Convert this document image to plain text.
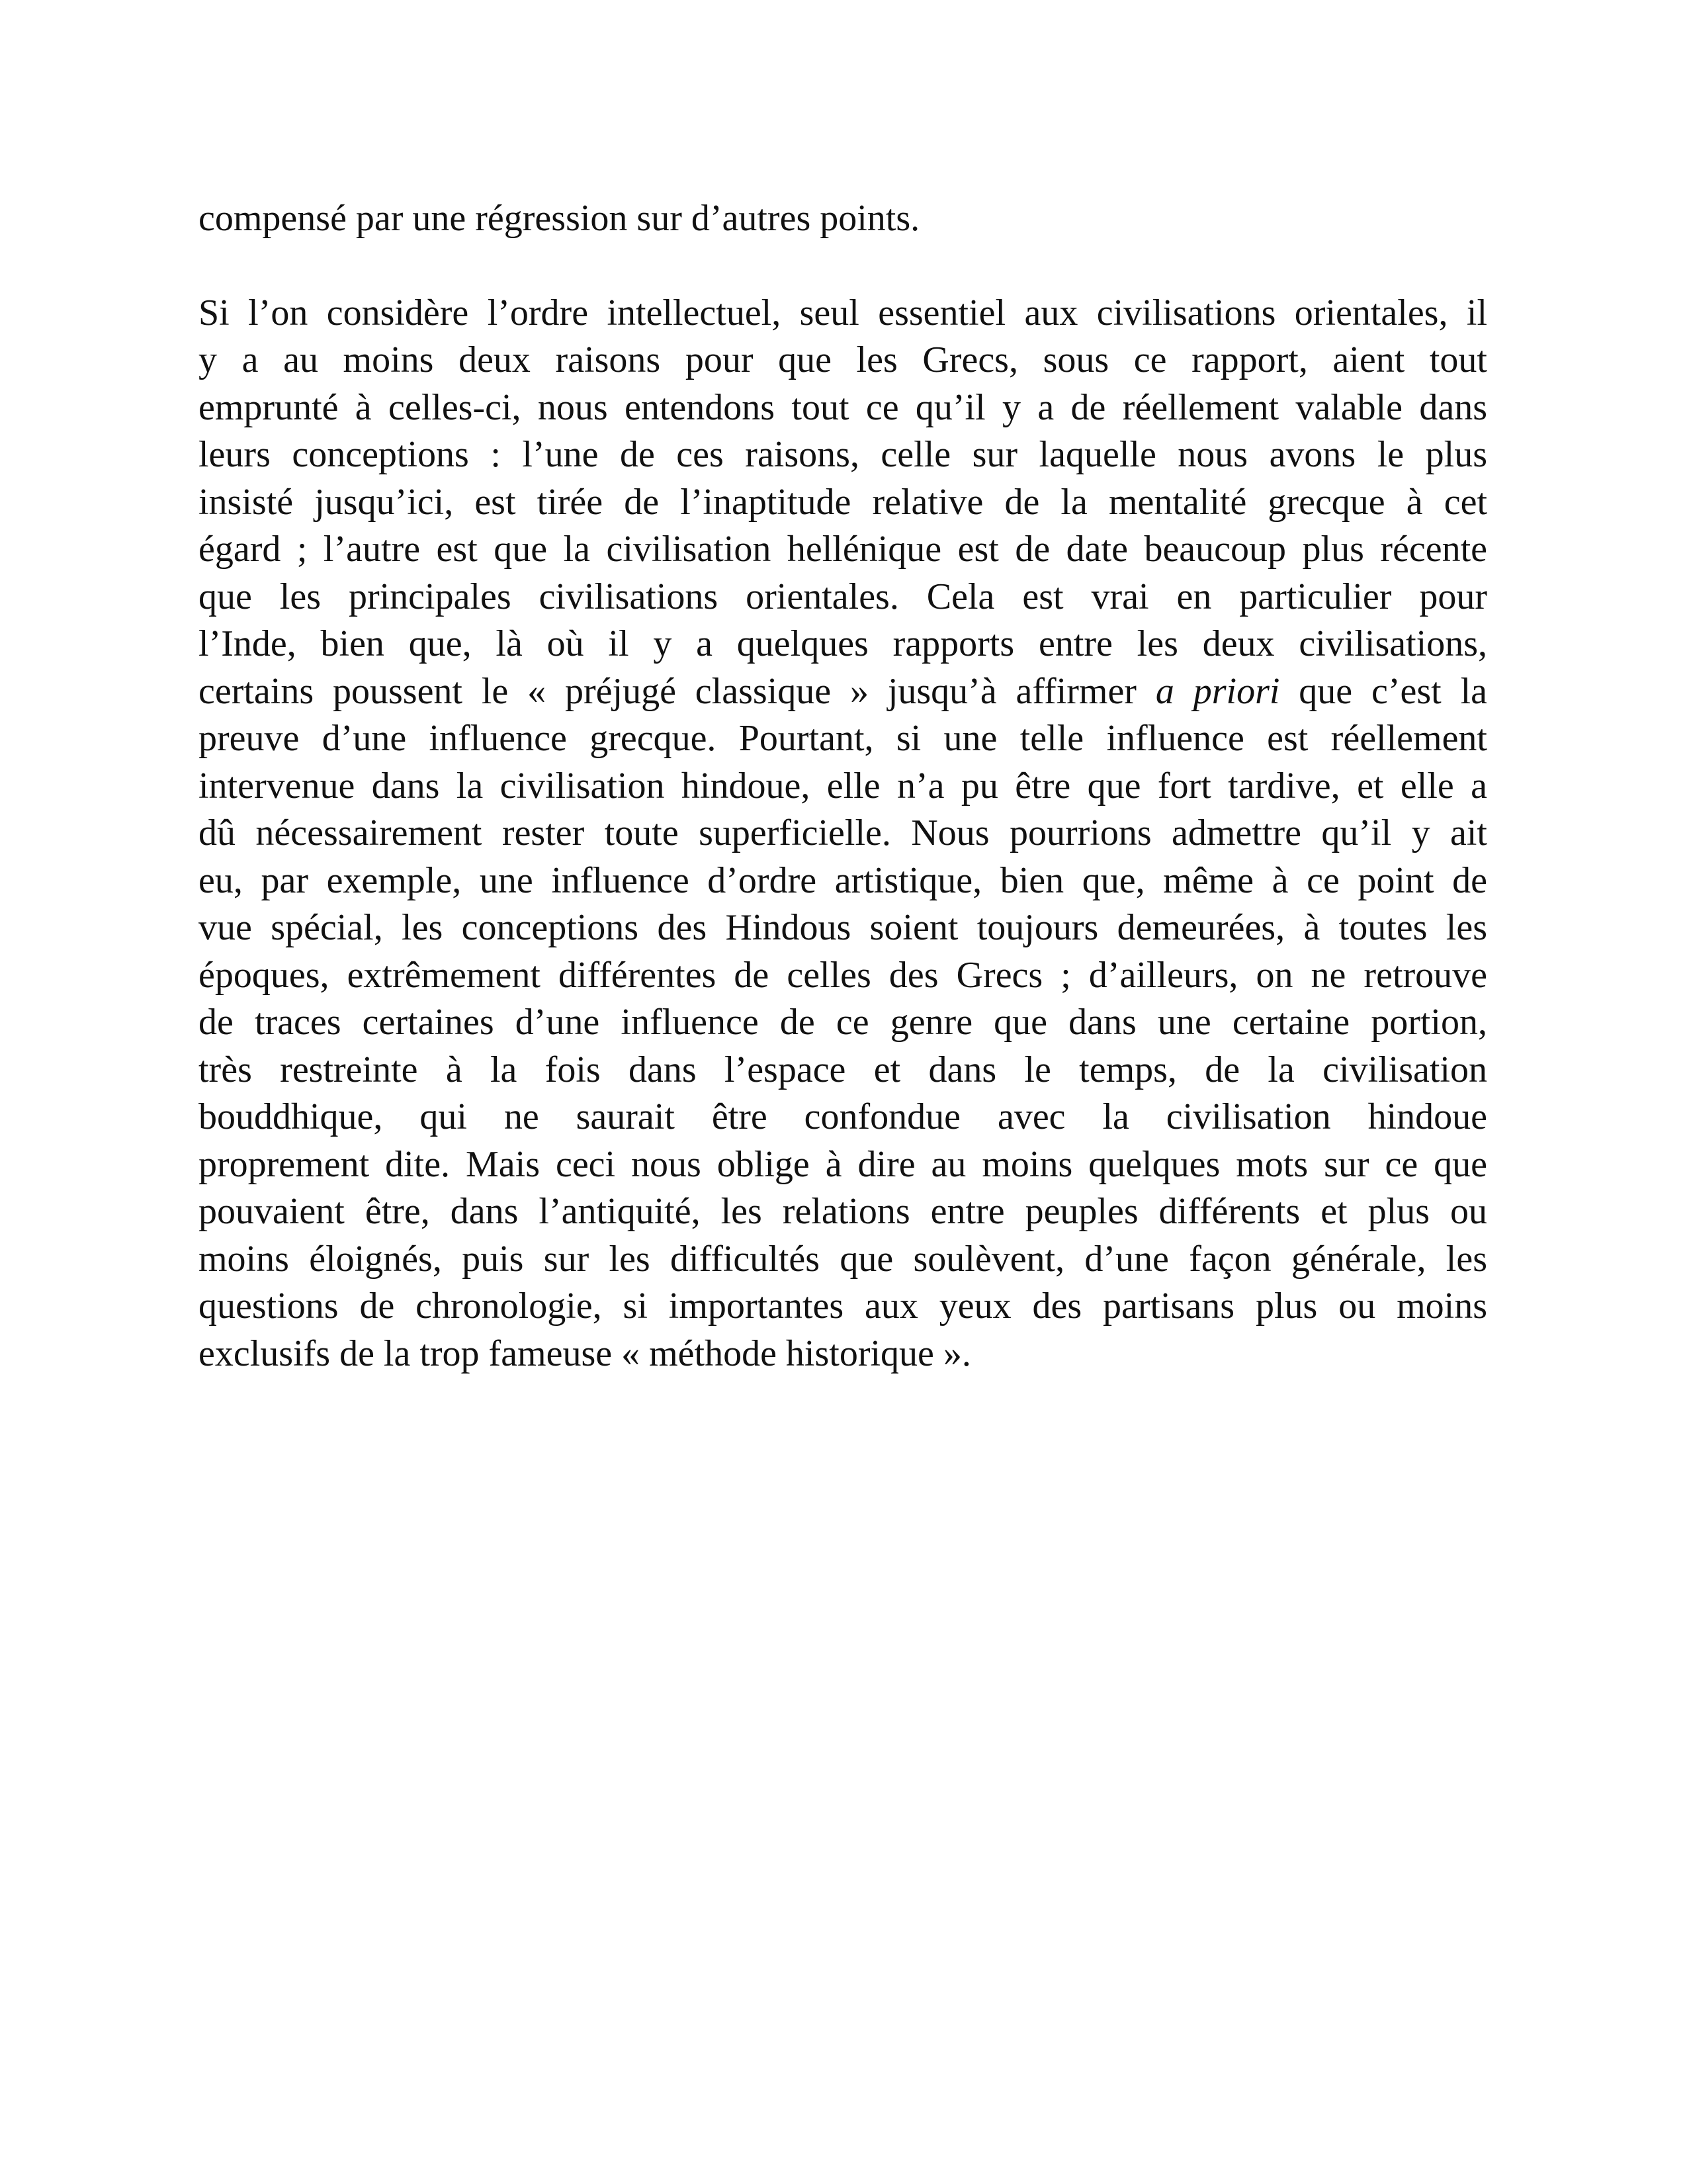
compensé par une régression sur d’autres points.

Si l’on considère l’ordre intellectuel, seul essentiel aux civilisations orientales, il
y a au moins deux raisons pour que les Grecs, sous ce rapport, aient tout
emprunté à celles-ci, nous entendons tout ce qu’il y a de réellement valable dans
leurs conceptions : l’une de ces raisons, celle sur laquelle nous avons le plus
insisté jusqu’ici, est tirée de l’inaptitude relative de la mentalité grecque à cet
égard ; l’autre est que la civilisation hellénique est de date beaucoup plus récente
que les principales civilisations orientales. Cela est vrai en particulier pour
l’Inde, bien que, là où il y a quelques rapports entre les deux civilisations,
certains poussent le « préjugé classique » jusqu’à affirmer a priori que c’est la
preuve d’une influence grecque. Pourtant, si une telle influence est réellement
intervenue dans la civilisation hindoue, elle n’a pu être que fort tardive, et elle a
dû nécessairement rester toute superficielle. Nous pourrions admettre qu’il y ait
eu, par exemple, une influence d’ordre artistique, bien que, même à ce point de
vue spécial, les conceptions des Hindous soient toujours demeurées, à toutes les
époques, extrêmement différentes de celles des Grecs ; d’ailleurs, on ne retrouve
de traces certaines d’une influence de ce genre que dans une certaine portion,
très restreinte à la fois dans l’espace et dans le temps, de la civilisation
bouddhique, qui ne saurait être confondue avec la civilisation hindoue
proprement dite. Mais ceci nous oblige à dire au moins quelques mots sur ce que
pouvaient être, dans l’antiquité, les relations entre peuples différents et plus ou
moins éloignés, puis sur les difficultés que soulèvent, d’une façon générale, les
questions de chronologie, si importantes aux yeux des partisans plus ou moins
exclusifs de la trop fameuse « méthode historique ».
